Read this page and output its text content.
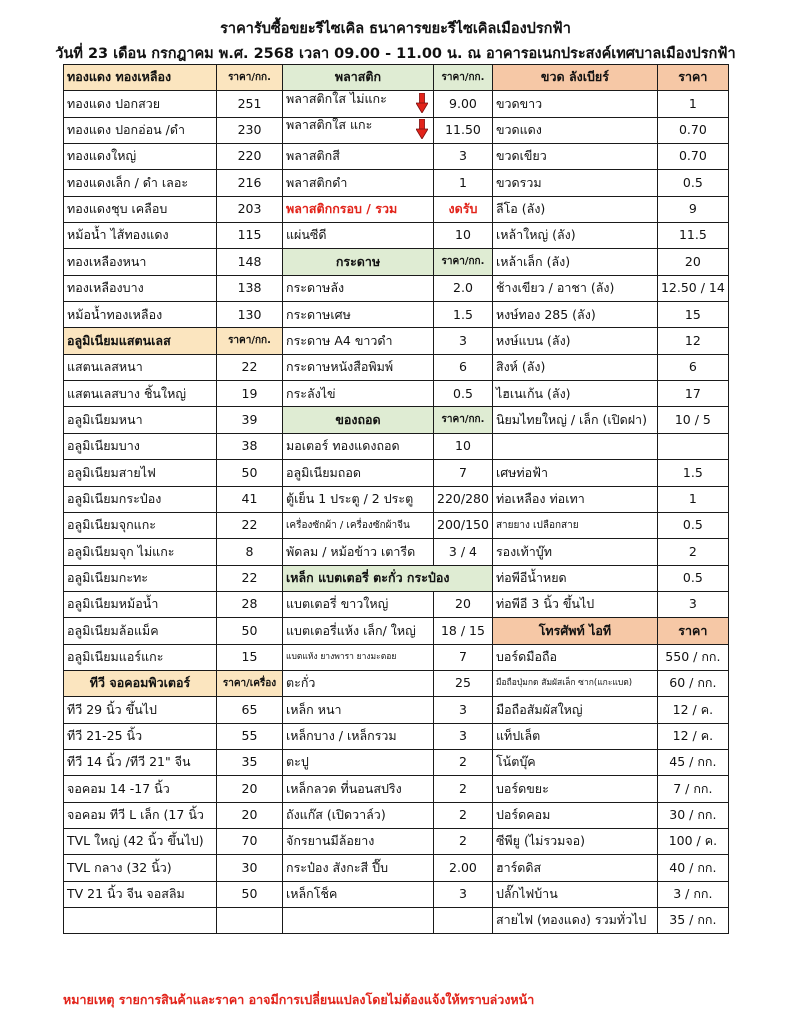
ราคารับซื้อขยะรีไซเคิล ธนาคารขยะรีไซเคิลเมืองปรกฟ้า
วันที่ 23 เดือน กรกฎาคม พ.ศ. 2568 เวลา 09.00 - 11.00 น. ณ อาคารอเนกประสงค์เทศบาลเมืองปรกฟ้า
ทองแดง ทองเหลือง	ราคา/กก.	พลาสติก	ราคา/กก.	ขวด ลังเบียร์	ราคา
ทองแดง ปอกสวย	251	พลาสติกใส ไม่แกะ	9.00	ขวดขาว	1
ทองแดง ปอกอ่อน /ดำ	230	พลาสติกใส แกะ	11.50	ขวดแดง	0.70
ทองแดงใหญ่	220	พลาสติกสี	3	ขวดเขียว	0.70
ทองแดงเล็ก / ดำ เลอะ	216	พลาสติกดำ	1	ขวดรวม	0.5
ทองแดงชุบ เคลือบ	203	พลาสติกกรอบ / รวม	งดรับ	ลีโอ (ลัง)	9
หม้อน้ำ ไส้ทองแดง	115	แผ่นซีดี	10	เหล้าใหญ่ (ลัง)	11.5
ทองเหลืองหนา	148	กระดาษ	ราคา/กก.	เหล้าเล็ก (ลัง)	20
ทองเหลืองบาง	138	กระดาษลัง	2.0	ช้างเขียว / อาชา (ลัง)	12.50 / 14
หม้อน้ำทองเหลือง	130	กระดาษเศษ	1.5	หงษ์ทอง 285 (ลัง)	15
อลูมิเนียมแสตนเลส	ราคา/กก.	กระดาษ A4 ขาวดำ	3	หงษ์แบน (ลัง)	12
แสตนเลสหนา	22	กระดาษหนังสือพิมพ์	6	สิงห์ (ลัง)	6
แสตนเลสบาง ชิ้นใหญ่	19	กระลังไข่	0.5	ไฮเนเก้น (ลัง)	17
อลูมิเนียมหนา	39	ของถอด	ราคา/กก.	นิยมไทยใหญ่ / เล็ก (เปิดฝา)	10 / 5
อลูมิเนียมบาง	38	มอเตอร์ ทองแดงถอด	10		
อลูมิเนียมสายไฟ	50	อลูมิเนียมถอด	7	เศษท่อฟ้า	1.5
อลูมิเนียมกระป๋อง	41	ตู้เย็น 1 ประตู / 2 ประตู	220/280	ท่อเหลือง ท่อเทา	1
อลูมิเนียมจุกแกะ	22	เครื่องซักผ้า / เครื่องซักผ้าจีน	200/150	สายยาง เปลือกสาย	0.5
อลูมิเนียมจุก ไม่แกะ	8	พัดลม / หม้อข้าว เตารีด	3 / 4	รองเท้าบู๊ท	2
อลูมิเนียมกะทะ	22	เหล็ก แบตเตอรี่ ตะกั่ว กระป๋อง		ท่อพีอีน้ำหยด	0.5
อลูมิเนียมหม้อน้ำ	28	แบตเตอรี่ ขาวใหญ่	20	ท่อพีอี 3 นิ้ว ขึ้นไป	3
อลูมิเนียมล้อแม็ค	50	แบตเตอรี่แห้ง เล็ก/ ใหญ่	18 / 15	โทรศัพท์ ไอที	ราคา
อลูมิเนียมแอร์แกะ	15	แบตแห้ง ยางพารา ยางมะตอย	7	บอร์ดมือถือ	550 / กก.
ทีวี จอคอมพิวเตอร์	ราคา/เครื่อง	ตะกั่ว	25	มือถือปุ่มกด สัมผัสเล็ก ซาก(แกะแบต)	60 / กก.
ทีวี 29 นิ้ว ขึ้นไป	65	เหล็ก หนา	3	มือถือสัมผัสใหญ่	12 / ค.
ทีวี 21-25 นิ้ว	55	เหล็กบาง / เหล็กรวม	3	แท็ปเล็ต	12 / ค.
ทีวี 14 นิ้ว /ทีวี 21" จีน	35	ตะปู	2	โน้ตบุ๊ค	45 / กก.
จอคอม 14 -17 นิ้ว	20	เหล็กลวด ที่นอนสปริง	2	บอร์ดขยะ	7 / กก.
จอคอม ทีวี L เล็ก (17 นิ้ว	20	ถังแก๊ส (เปิดวาล์ว)	2	ปอร์ดคอม	30 / กก.
TVL ใหญ่ (42 นิ้ว ขึ้นไป)	70	จักรยานมีล้อยาง	2	ซีพียู (ไม่รวมจอ)	100 / ค.
TVL กลาง (32 นิ้ว)	30	กระป๋อง สังกะสี ปี๊บ	2.00	ฮาร์ดดิส	40 / กก.
TV 21 นิ้ว จีน จอสลิม	50	เหล็กโช็ค	3	ปลั๊กไฟบ้าน	3 / กก.
				สายไฟ (ทองแดง) รวมทั่วไป	35 / กก.
หมายเหตุ รายการสินค้าและราคา อาจมีการเปลี่ยนแปลงโดยไม่ต้องแจ้งให้ทราบล่วงหน้า
